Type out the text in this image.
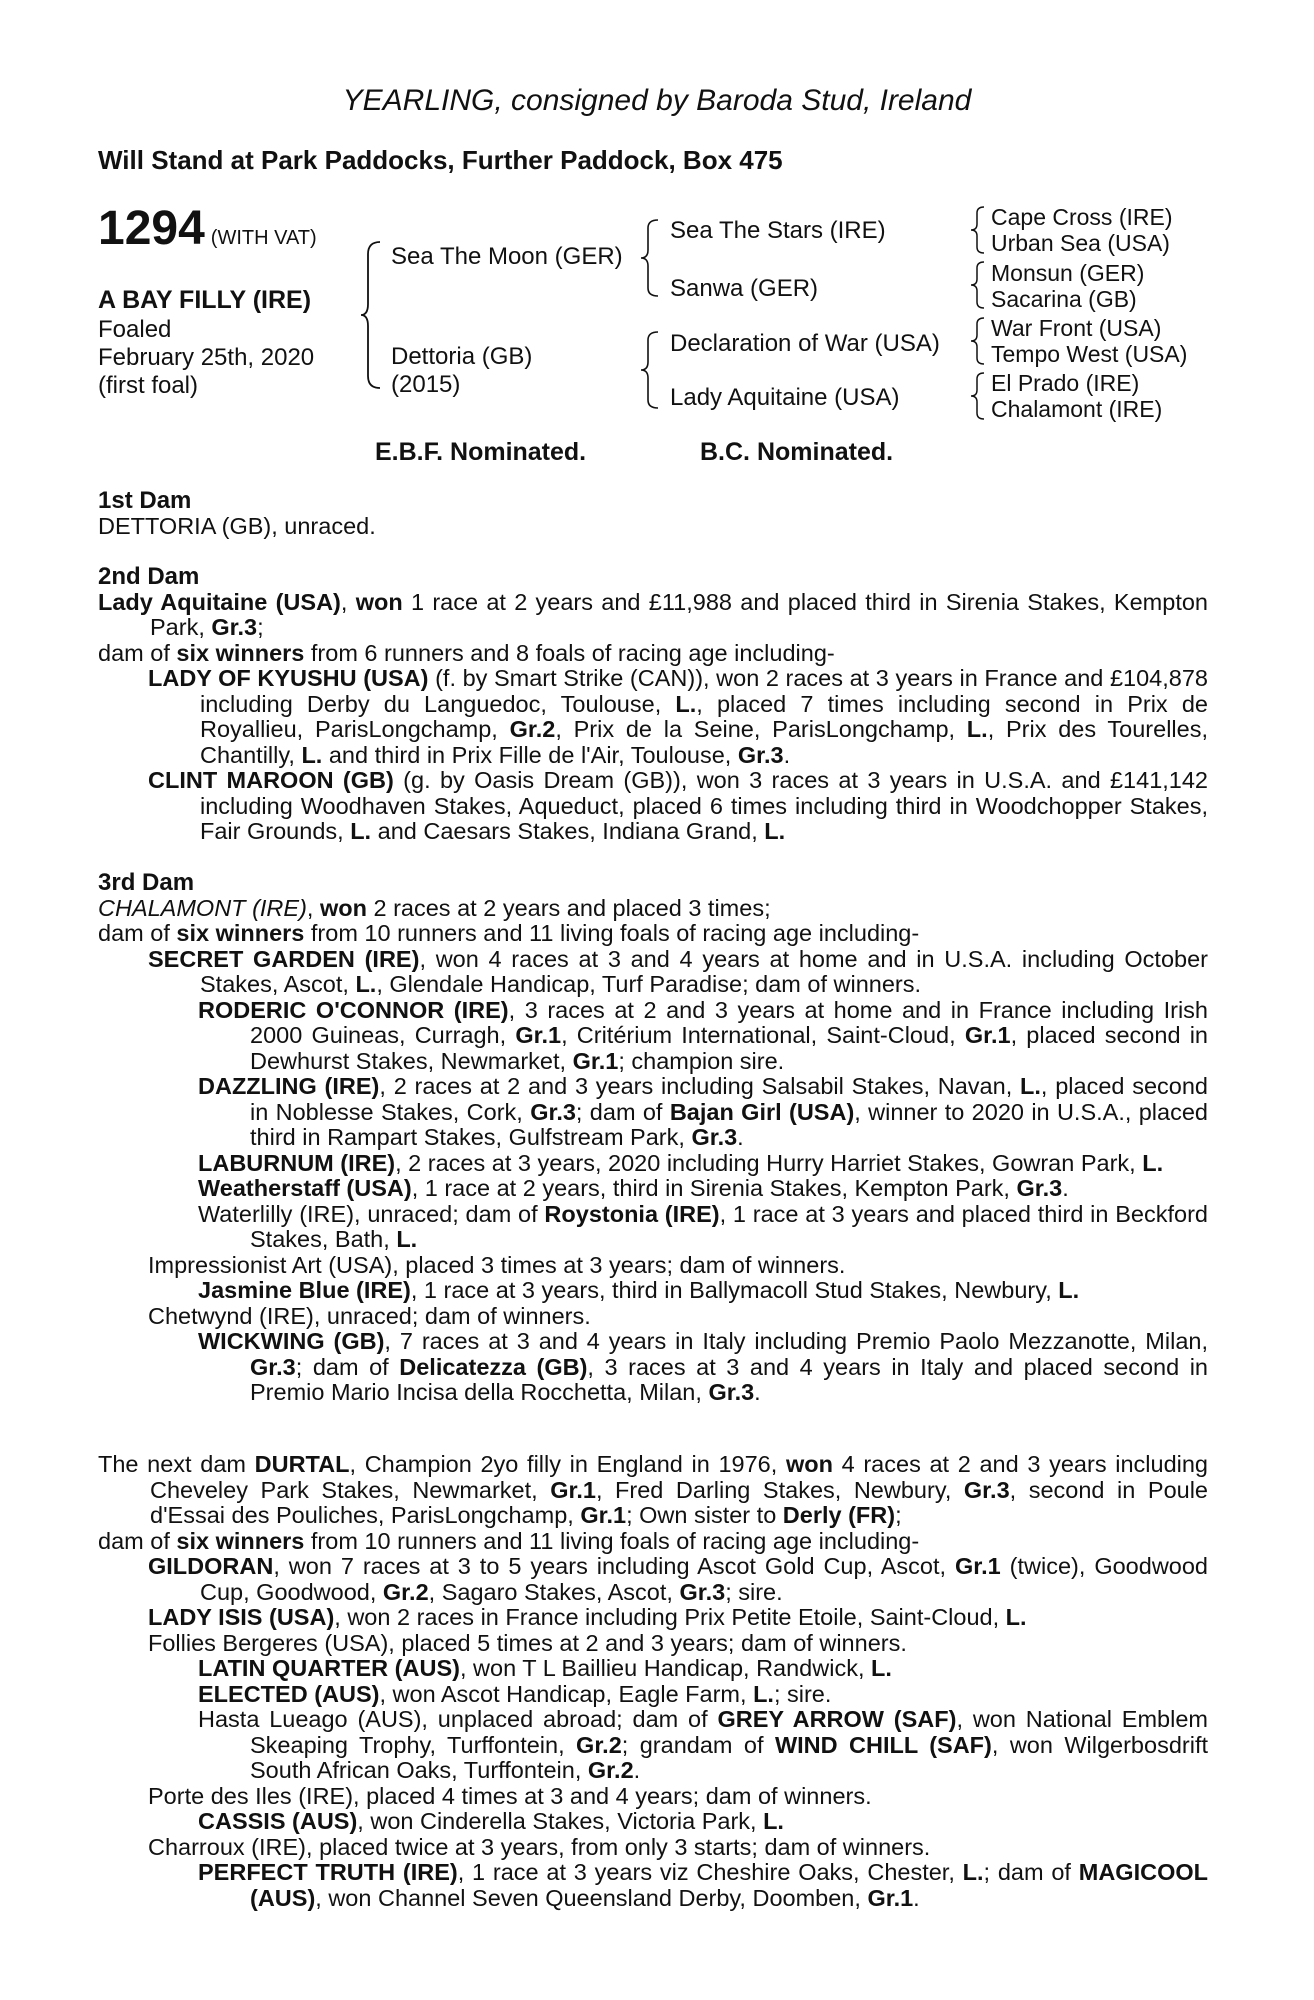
YEARLING, consigned by Baroda Stud, Ireland
Will Stand at Park Paddocks, Further Paddock, Box 475
1294 (WITH VAT)
A BAY FILLY (IRE)
Foaled
February 25th, 2020
(first foal)
Sea The Moon (GER)
Dettoria (GB)
(2015)
Sea The Stars (IRE)
Sanwa (GER)
Declaration of War (USA)
Lady Aquitaine (USA)
Cape Cross (IRE)
Urban Sea (USA)
Monsun (GER)
Sacarina (GB)
War Front (USA)
Tempo West (USA)
El Prado (IRE)
Chalamont (IRE)
E.B.F. Nominated.	B.C. Nominated.
1st Dam
DETTORIA (GB), unraced.
2nd Dam
Lady Aquitaine (USA), won 1 race at 2 years and £11,988 and placed third in Sirenia Stakes, Kempton Park, Gr.3;
dam of six winners from 6 runners and 8 foals of racing age including-
LADY OF KYUSHU (USA) (f. by Smart Strike (CAN)), won 2 races at 3 years in France and £104,878 including Derby du Languedoc, Toulouse, L., placed 7 times including second in Prix de Royallieu, ParisLongchamp, Gr.2, Prix de la Seine, ParisLongchamp, L., Prix des Tourelles, Chantilly, L. and third in Prix Fille de l'Air, Toulouse, Gr.3.
CLINT MAROON (GB) (g. by Oasis Dream (GB)), won 3 races at 3 years in U.S.A. and £141,142 including Woodhaven Stakes, Aqueduct, placed 6 times including third in Woodchopper Stakes, Fair Grounds, L. and Caesars Stakes, Indiana Grand, L.
3rd Dam
CHALAMONT (IRE), won 2 races at 2 years and placed 3 times;
dam of six winners from 10 runners and 11 living foals of racing age including-
SECRET GARDEN (IRE), won 4 races at 3 and 4 years at home and in U.S.A. including October Stakes, Ascot, L., Glendale Handicap, Turf Paradise; dam of winners.
RODERIC O'CONNOR (IRE), 3 races at 2 and 3 years at home and in France including Irish 2000 Guineas, Curragh, Gr.1, Critérium International, Saint-Cloud, Gr.1, placed second in Dewhurst Stakes, Newmarket, Gr.1; champion sire.
DAZZLING (IRE), 2 races at 2 and 3 years including Salsabil Stakes, Navan, L., placed second in Noblesse Stakes, Cork, Gr.3; dam of Bajan Girl (USA), winner to 2020 in U.S.A., placed third in Rampart Stakes, Gulfstream Park, Gr.3.
LABURNUM (IRE), 2 races at 3 years, 2020 including Hurry Harriet Stakes, Gowran Park, L.
Weatherstaff (USA), 1 race at 2 years, third in Sirenia Stakes, Kempton Park, Gr.3.
Waterlilly (IRE), unraced; dam of Roystonia (IRE), 1 race at 3 years and placed third in Beckford Stakes, Bath, L.
Impressionist Art (USA), placed 3 times at 3 years; dam of winners.
Jasmine Blue (IRE), 1 race at 3 years, third in Ballymacoll Stud Stakes, Newbury, L.
Chetwynd (IRE), unraced; dam of winners.
WICKWING (GB), 7 races at 3 and 4 years in Italy including Premio Paolo Mezzanotte, Milan, Gr.3; dam of Delicatezza (GB), 3 races at 3 and 4 years in Italy and placed second in Premio Mario Incisa della Rocchetta, Milan, Gr.3.
The next dam DURTAL, Champion 2yo filly in England in 1976, won 4 races at 2 and 3 years including Cheveley Park Stakes, Newmarket, Gr.1, Fred Darling Stakes, Newbury, Gr.3, second in Poule d'Essai des Pouliches, ParisLongchamp, Gr.1; Own sister to Derly (FR);
dam of six winners from 10 runners and 11 living foals of racing age including-
GILDORAN, won 7 races at 3 to 5 years including Ascot Gold Cup, Ascot, Gr.1 (twice), Goodwood Cup, Goodwood, Gr.2, Sagaro Stakes, Ascot, Gr.3; sire.
LADY ISIS (USA), won 2 races in France including Prix Petite Etoile, Saint-Cloud, L.
Follies Bergeres (USA), placed 5 times at 2 and 3 years; dam of winners.
LATIN QUARTER (AUS), won T L Baillieu Handicap, Randwick, L.
ELECTED (AUS), won Ascot Handicap, Eagle Farm, L.; sire.
Hasta Lueago (AUS), unplaced abroad; dam of GREY ARROW (SAF), won National Emblem Skeaping Trophy, Turffontein, Gr.2; grandam of WIND CHILL (SAF), won Wilgerbosdrift South African Oaks, Turffontein, Gr.2.
Porte des Iles (IRE), placed 4 times at 3 and 4 years; dam of winners.
CASSIS (AUS), won Cinderella Stakes, Victoria Park, L.
Charroux (IRE), placed twice at 3 years, from only 3 starts; dam of winners.
PERFECT TRUTH (IRE), 1 race at 3 years viz Cheshire Oaks, Chester, L.; dam of MAGICOOL (AUS), won Channel Seven Queensland Derby, Doomben, Gr.1.
